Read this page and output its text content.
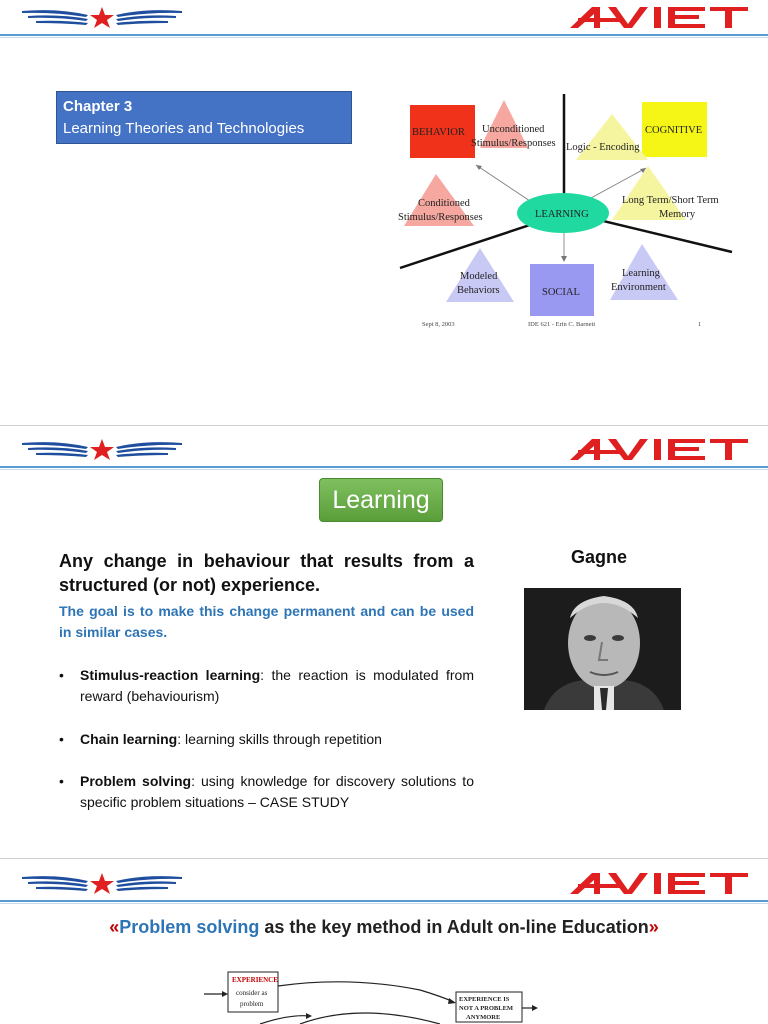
Chapter 3
Learning Theories and Technologies	BEHAVIOR	COGNITIVE
SOCIAL
LEARNING
Unconditioned
Stimulus/Responses Logic - Encoding
Conditioned
Stimulus/Responses
Long Term/Short Term
Memory
Modeled
Behaviors
Learning
Environment
Sept 8, 2003	IDE 621 - Erin C. Barnett	1
Learning
Any change in behaviour that results from a structured (or not) experience.
The goal is to make this change permanent and can be used in similar cases.
• Stimulus-reaction learning: the reaction is modulated from reward (behaviourism)
• Chain learning: learning skills through repetition
• Problem solving: using knowledge for discovery solutions to specific problem situations – CASE STUDY
Gagne
«Problem solving as the key method in Adult on-line Education»
EXPERIENCE
consider as
problem
EXPERIENCE IS
NOT A PROBLEM
ANYMORE
